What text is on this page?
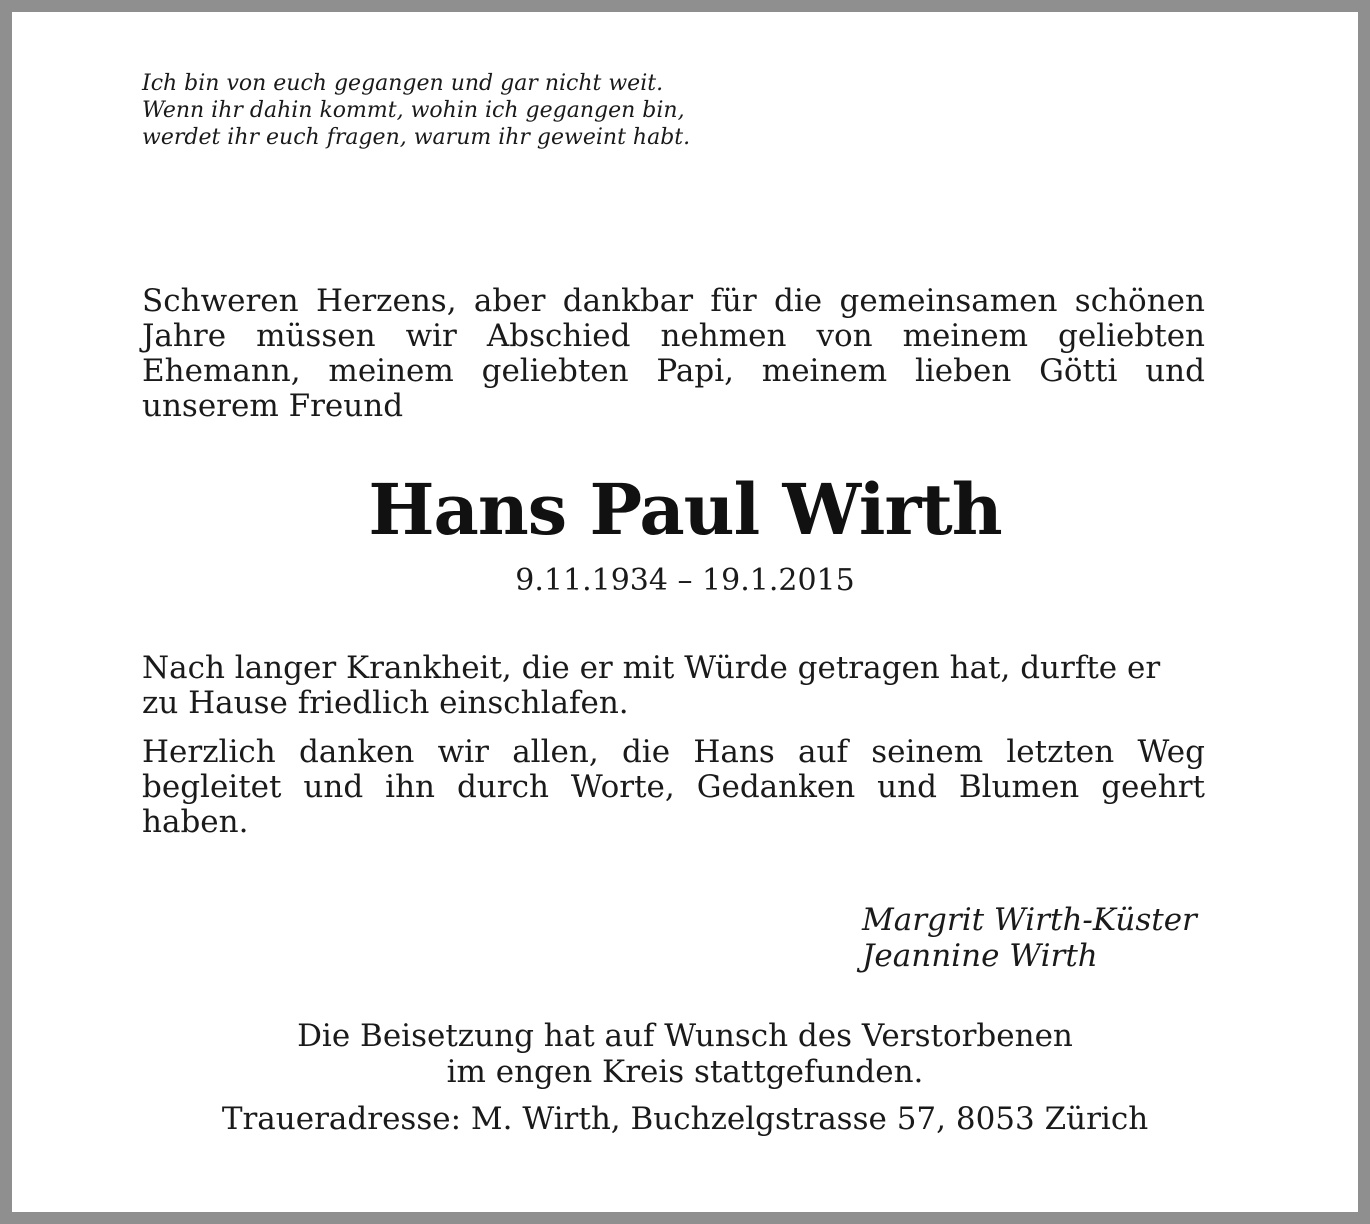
Ich bin von euch gegangen und gar nicht weit.
Wenn ihr dahin kommt, wohin ich gegangen bin,
werdet ihr euch fragen, warum ihr geweint habt.
Schweren Herzens, aber dankbar für die gemeinsamen schönen Jahre müssen wir Abschied nehmen von meinem geliebten Ehemann, meinem geliebten Papi, meinem lieben Götti und unserem Freund
Hans Paul Wirth
9.11.1934 – 19.1.2015
Nach langer Krankheit, die er mit Würde getragen hat, durfte er zu Hause friedlich einschlafen.
Herzlich danken wir allen, die Hans auf seinem letzten Weg begleitet und ihn durch Worte, Gedanken und Blumen geehrt haben.
Margrit Wirth-Küster
Jeannine Wirth
Die Beisetzung hat auf Wunsch des Verstorbenen
im engen Kreis stattgefunden.
Traueradresse: M. Wirth, Buchzelgstrasse 57, 8053 Zürich
